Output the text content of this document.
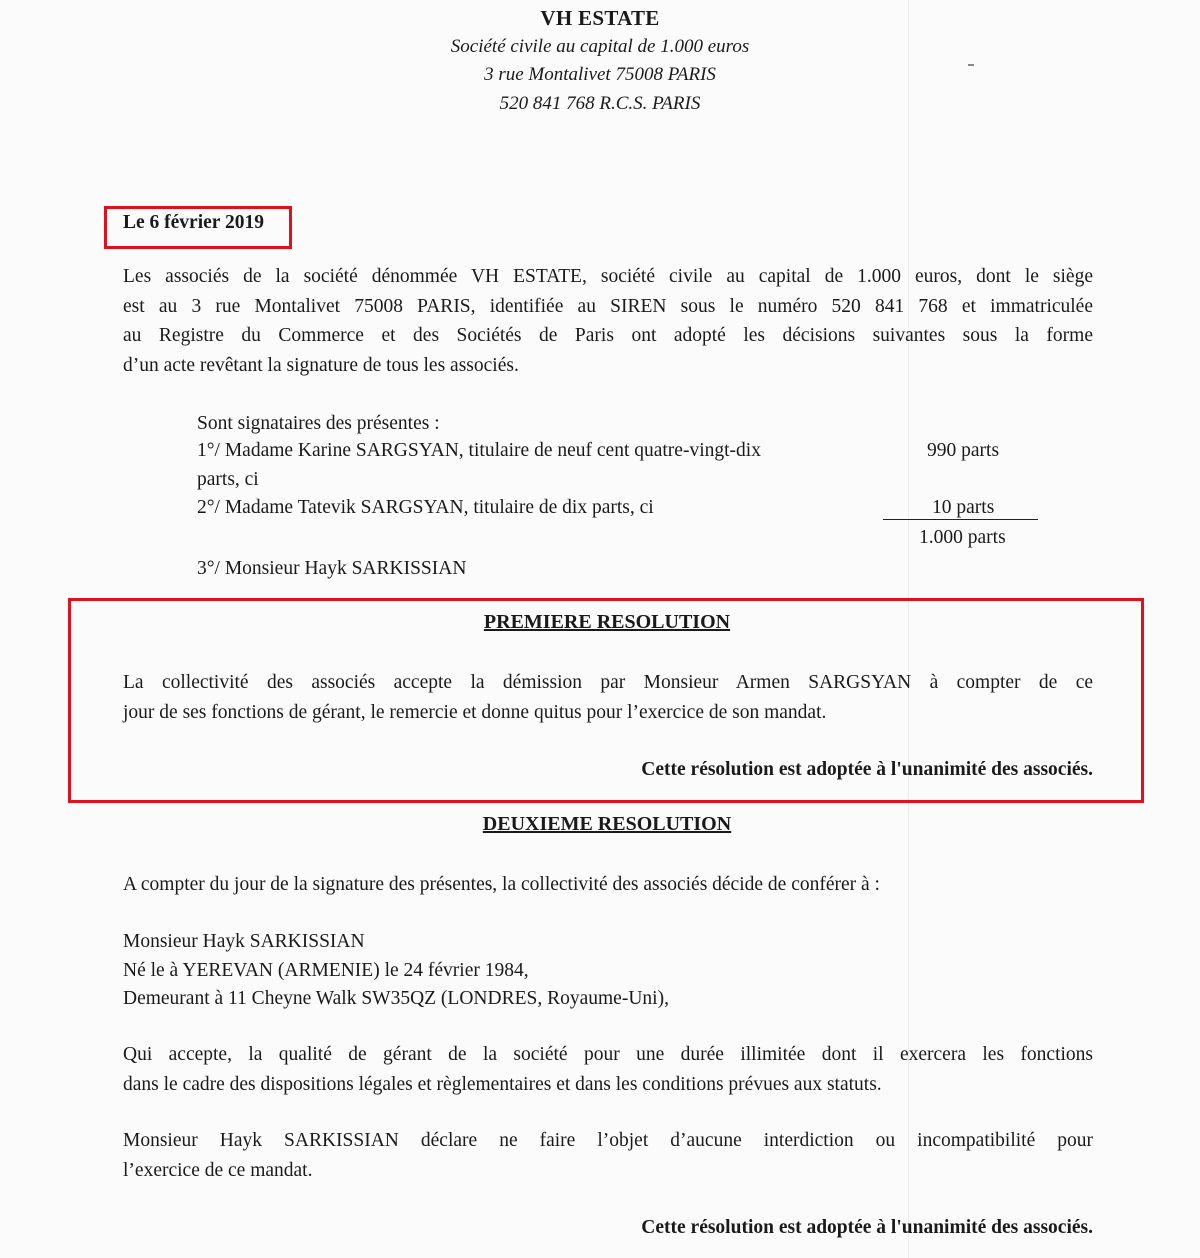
VH ESTATE
Société civile au capital de 1.000 euros
3 rue Montalivet 75008 PARIS
520 841 768 R.C.S. PARIS
Le 6 février 2019
Les associés de la société dénommée VH ESTATE, société civile au capital de 1.000 euros, dont le siège
est au 3 rue Montalivet 75008 PARIS, identifiée au SIREN sous le numéro 520 841 768 et immatriculée
au Registre du Commerce et des Sociétés de Paris ont adopté les décisions suivantes sous la forme
d’un acte revêtant la signature de tous les associés.
Sont signataires des présentes :
1°/ Madame Karine SARGSYAN, titulaire de neuf cent quatre-vingt-dix	990 parts
parts, ci
2°/ Madame Tatevik SARGSYAN, titulaire de dix parts, ci	10 parts
1.000 parts
3°/ Monsieur Hayk SARKISSIAN
PREMIERE RESOLUTION
La collectivité des associés accepte la démission par Monsieur Armen SARGSYAN à compter de ce
jour de ses fonctions de gérant, le remercie et donne quitus pour l’exercice de son mandat.
Cette résolution est adoptée à l'unanimité des associés.
DEUXIEME RESOLUTION
A compter du jour de la signature des présentes, la collectivité des associés décide de conférer à :
Monsieur Hayk SARKISSIAN
Né le à YEREVAN (ARMENIE) le 24 février 1984,
Demeurant à 11 Cheyne Walk SW35QZ (LONDRES, Royaume-Uni),
Qui accepte, la qualité de gérant de la société pour une durée illimitée dont il exercera les fonctions
dans le cadre des dispositions légales et règlementaires et dans les conditions prévues aux statuts.
Monsieur Hayk SARKISSIAN déclare ne faire l’objet d’aucune interdiction ou incompatibilité pour
l’exercice de ce mandat.
Cette résolution est adoptée à l'unanimité des associés.
